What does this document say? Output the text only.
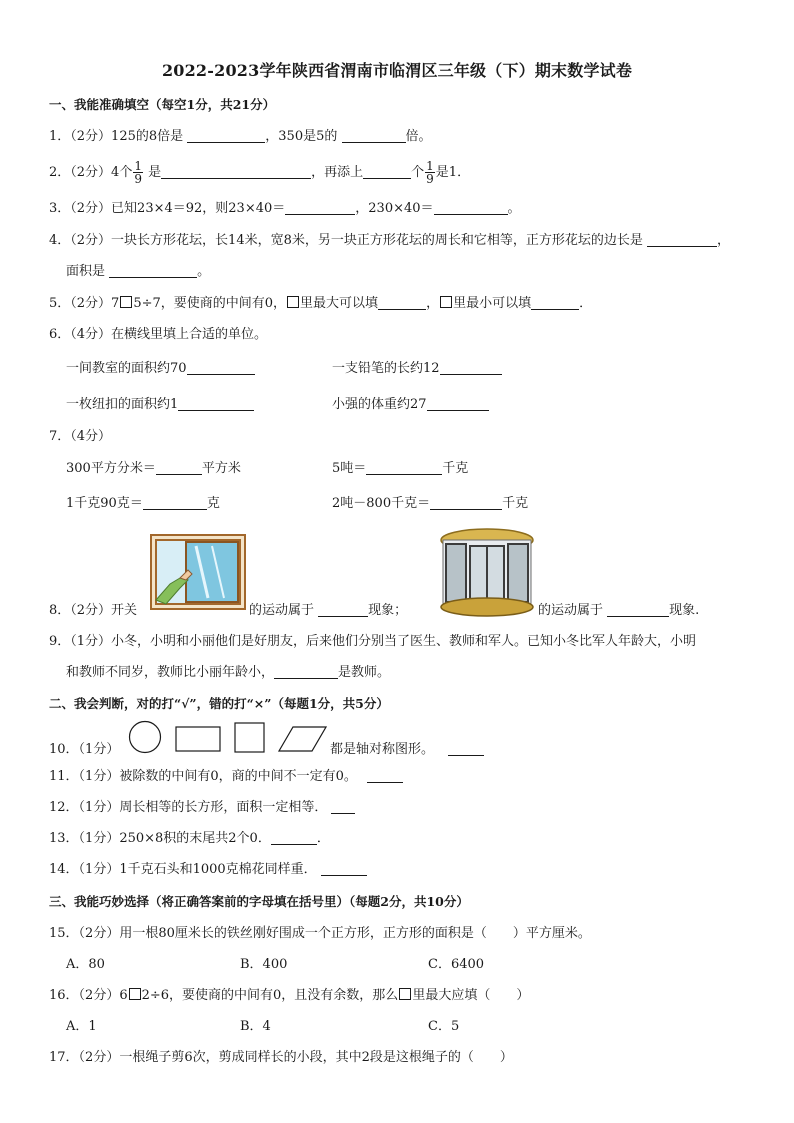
2022-2023学年陕西省渭南市临渭区三年级（下）期末数学试卷
一、我能准确填空（每空1分，共21分）
1．（2分）125的8倍是	，350是5的	倍。
2．（2分）4个 $\frac{1}{9}$ 是	，再添上	个 $\frac{1}{9}$ 是1．
3．（2分）已知23×4＝92，则23×40＝	，230×40＝	。
4．（2分）一块长方形花坛，长14米，宽8米，另一块正方形花坛的周长和它相等，正方形花坛的边长是	，
面积是	。
5．（2分）7 5÷7，要使商的中间有0， 里最大可以填	， 里最小可以填	．
6．（4分）在横线里填上合适的单位。
一间教室的面积约70	一支铅笔的长约12
一枚纽扣的面积约1	小强的体重约27
7．（4分）
300平方分米＝	平方米	5吨＝	千克
1千克90克＝	克	2吨－800千克＝	千克
8．（2分）开关	的运动属于	现象；	的运动属于	现象.
9．（1分）小冬，小明和小丽他们是好朋友，后来他们分别当了医生、教师和军人。已知小冬比军人年龄大，小明
和教师不同岁，教师比小丽年龄小，	是教师。
二、我会判断，对的打“√”，错的打“×”（每题1分，共5分）
10．（1分）	都是轴对称图形。
11．（1分）被除数的中间有0，商的中间不一定有0。
12．（1分）周长相等的长方形，面积一定相等．
13．（1分）250×8积的末尾共2个0．	．
14．（1分）1千克石头和1000克棉花同样重．
三、我能巧妙选择（将正确答案前的字母填在括号里）（每题2分，共10分）
15．（2分）用一根80厘米长的铁丝刚好围成一个正方形，正方形的面积是（　　）平方厘米。
A．80	B．400	C．6400
16．（2分）6 2÷6，要使商的中间有0，且没有余数，那么 里最大应填（　　）
A．1	B．4	C．5
17．（2分）一根绳子剪6次，剪成同样长的小段，其中2段是这根绳子的（　　）
